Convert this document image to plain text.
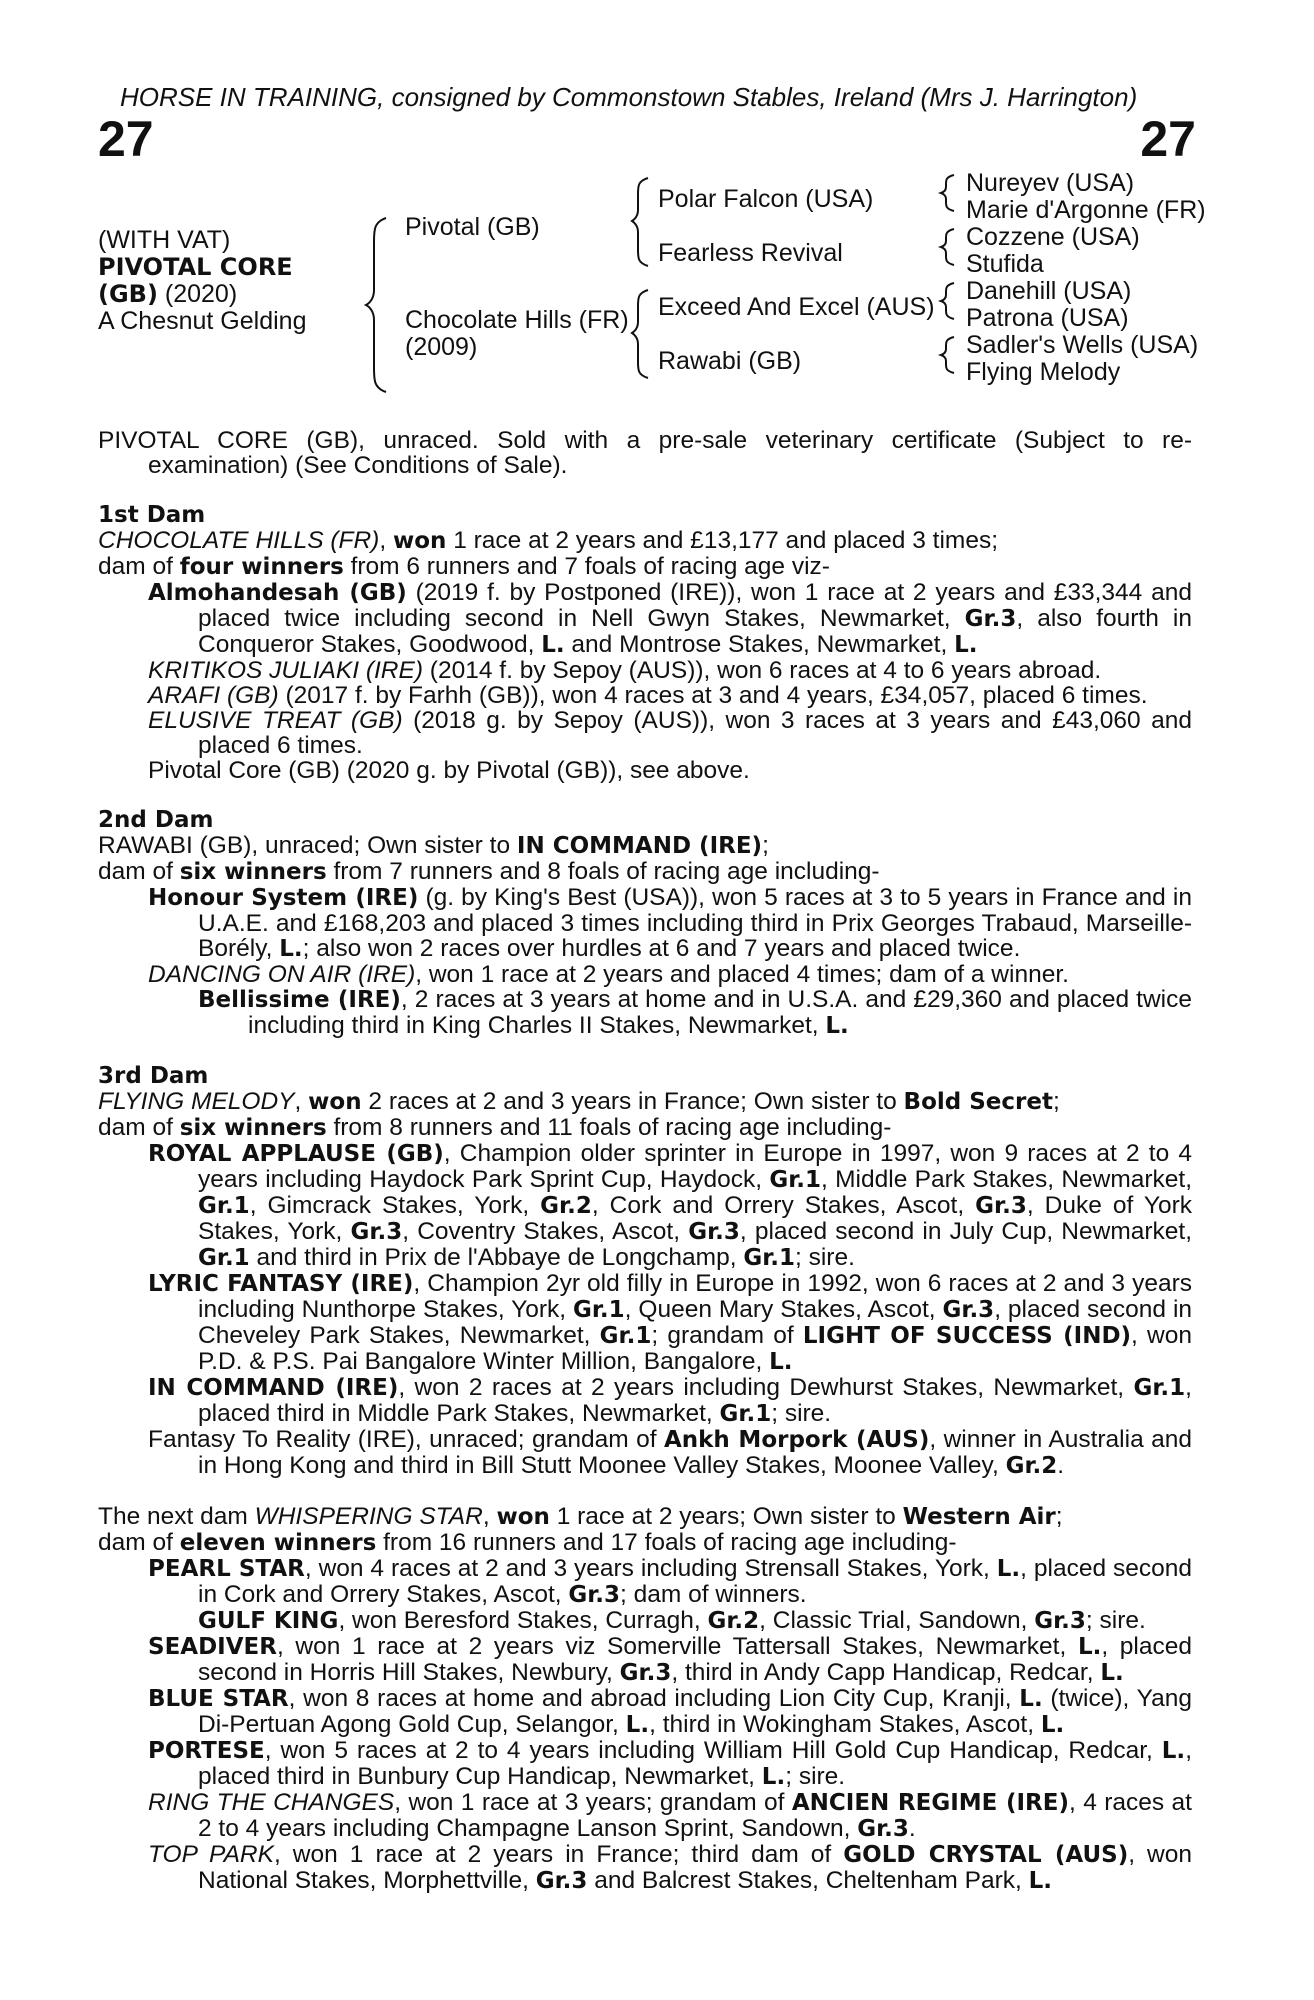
HORSE IN TRAINING, consigned by Commonstown Stables, Ireland (Mrs J. Harrington)
27	27
(WITH VAT)
PIVOTAL CORE
(GB) (2020)
A Chesnut Gelding
Pivotal (GB)
Chocolate Hills (FR)
(2009)
Polar Falcon (USA)
Fearless Revival
Exceed And Excel (AUS)
Rawabi (GB)
Nureyev (USA)
Marie d'Argonne (FR)
Cozzene (USA)
Stufida
Danehill (USA)
Patrona (USA)
Sadler's Wells (USA)
Flying Melody

PIVOTAL CORE (GB), unraced. Sold with a pre-sale veterinary certificate (Subject to re-examination) (See Conditions of Sale).

1st Dam

CHOCOLATE HILLS (FR), won 1 race at 2 years and £13,177 and placed 3 times;

dam of four winners from 6 runners and 7 foals of racing age viz-

Almohandesah (GB) (2019 f. by Postponed (IRE)), won 1 race at 2 years and £33,344 and placed twice including second in Nell Gwyn Stakes, Newmarket, Gr.3, also fourth in Conqueror Stakes, Goodwood, L. and Montrose Stakes, Newmarket, L.

KRITIKOS JULIAKI (IRE) (2014 f. by Sepoy (AUS)), won 6 races at 4 to 6 years abroad.

ARAFI (GB) (2017 f. by Farhh (GB)), won 4 races at 3 and 4 years, £34,057, placed 6 times.

ELUSIVE TREAT (GB) (2018 g. by Sepoy (AUS)), won 3 races at 3 years and £43,060 and placed 6 times.

Pivotal Core (GB) (2020 g. by Pivotal (GB)), see above.

2nd Dam

RAWABI (GB), unraced; Own sister to IN COMMAND (IRE);

dam of six winners from 7 runners and 8 foals of racing age including-

Honour System (IRE) (g. by King's Best (USA)), won 5 races at 3 to 5 years in France and in U.A.E. and £168,203 and placed 3 times including third in Prix Georges Trabaud, Marseille-Borély, L.; also won 2 races over hurdles at 6 and 7 years and placed twice.

DANCING ON AIR (IRE), won 1 race at 2 years and placed 4 times; dam of a winner.

Bellissime (IRE), 2 races at 3 years at home and in U.S.A. and £29,360 and placed twice including third in King Charles II Stakes, Newmarket, L.

3rd Dam

FLYING MELODY, won 2 races at 2 and 3 years in France; Own sister to Bold Secret;

dam of six winners from 8 runners and 11 foals of racing age including-

ROYAL APPLAUSE (GB), Champion older sprinter in Europe in 1997, won 9 races at 2 to 4 years including Haydock Park Sprint Cup, Haydock, Gr.1, Middle Park Stakes, Newmarket, Gr.1, Gimcrack Stakes, York, Gr.2, Cork and Orrery Stakes, Ascot, Gr.3, Duke of York Stakes, York, Gr.3, Coventry Stakes, Ascot, Gr.3, placed second in July Cup, Newmarket, Gr.1 and third in Prix de l'Abbaye de Longchamp, Gr.1; sire.

LYRIC FANTASY (IRE), Champion 2yr old filly in Europe in 1992, won 6 races at 2 and 3 years including Nunthorpe Stakes, York, Gr.1, Queen Mary Stakes, Ascot, Gr.3, placed second in Cheveley Park Stakes, Newmarket, Gr.1; grandam of LIGHT OF SUCCESS (IND), won P.D. & P.S. Pai Bangalore Winter Million, Bangalore, L.

IN COMMAND (IRE), won 2 races at 2 years including Dewhurst Stakes, Newmarket, Gr.1, placed third in Middle Park Stakes, Newmarket, Gr.1; sire.

Fantasy To Reality (IRE), unraced; grandam of Ankh Morpork (AUS), winner in Australia and in Hong Kong and third in Bill Stutt Moonee Valley Stakes, Moonee Valley, Gr.2.

The next dam WHISPERING STAR, won 1 race at 2 years; Own sister to Western Air;

dam of eleven winners from 16 runners and 17 foals of racing age including-

PEARL STAR, won 4 races at 2 and 3 years including Strensall Stakes, York, L., placed second in Cork and Orrery Stakes, Ascot, Gr.3; dam of winners.

GULF KING, won Beresford Stakes, Curragh, Gr.2, Classic Trial, Sandown, Gr.3; sire.

SEADIVER, won 1 race at 2 years viz Somerville Tattersall Stakes, Newmarket, L., placed second in Horris Hill Stakes, Newbury, Gr.3, third in Andy Capp Handicap, Redcar, L.

BLUE STAR, won 8 races at home and abroad including Lion City Cup, Kranji, L. (twice), Yang Di-Pertuan Agong Gold Cup, Selangor, L., third in Wokingham Stakes, Ascot, L.

PORTESE, won 5 races at 2 to 4 years including William Hill Gold Cup Handicap, Redcar, L., placed third in Bunbury Cup Handicap, Newmarket, L.; sire.

RING THE CHANGES, won 1 race at 3 years; grandam of ANCIEN REGIME (IRE), 4 races at 2 to 4 years including Champagne Lanson Sprint, Sandown, Gr.3.

TOP PARK, won 1 race at 2 years in France; third dam of GOLD CRYSTAL (AUS), won National Stakes, Morphettville, Gr.3 and Balcrest Stakes, Cheltenham Park, L.
